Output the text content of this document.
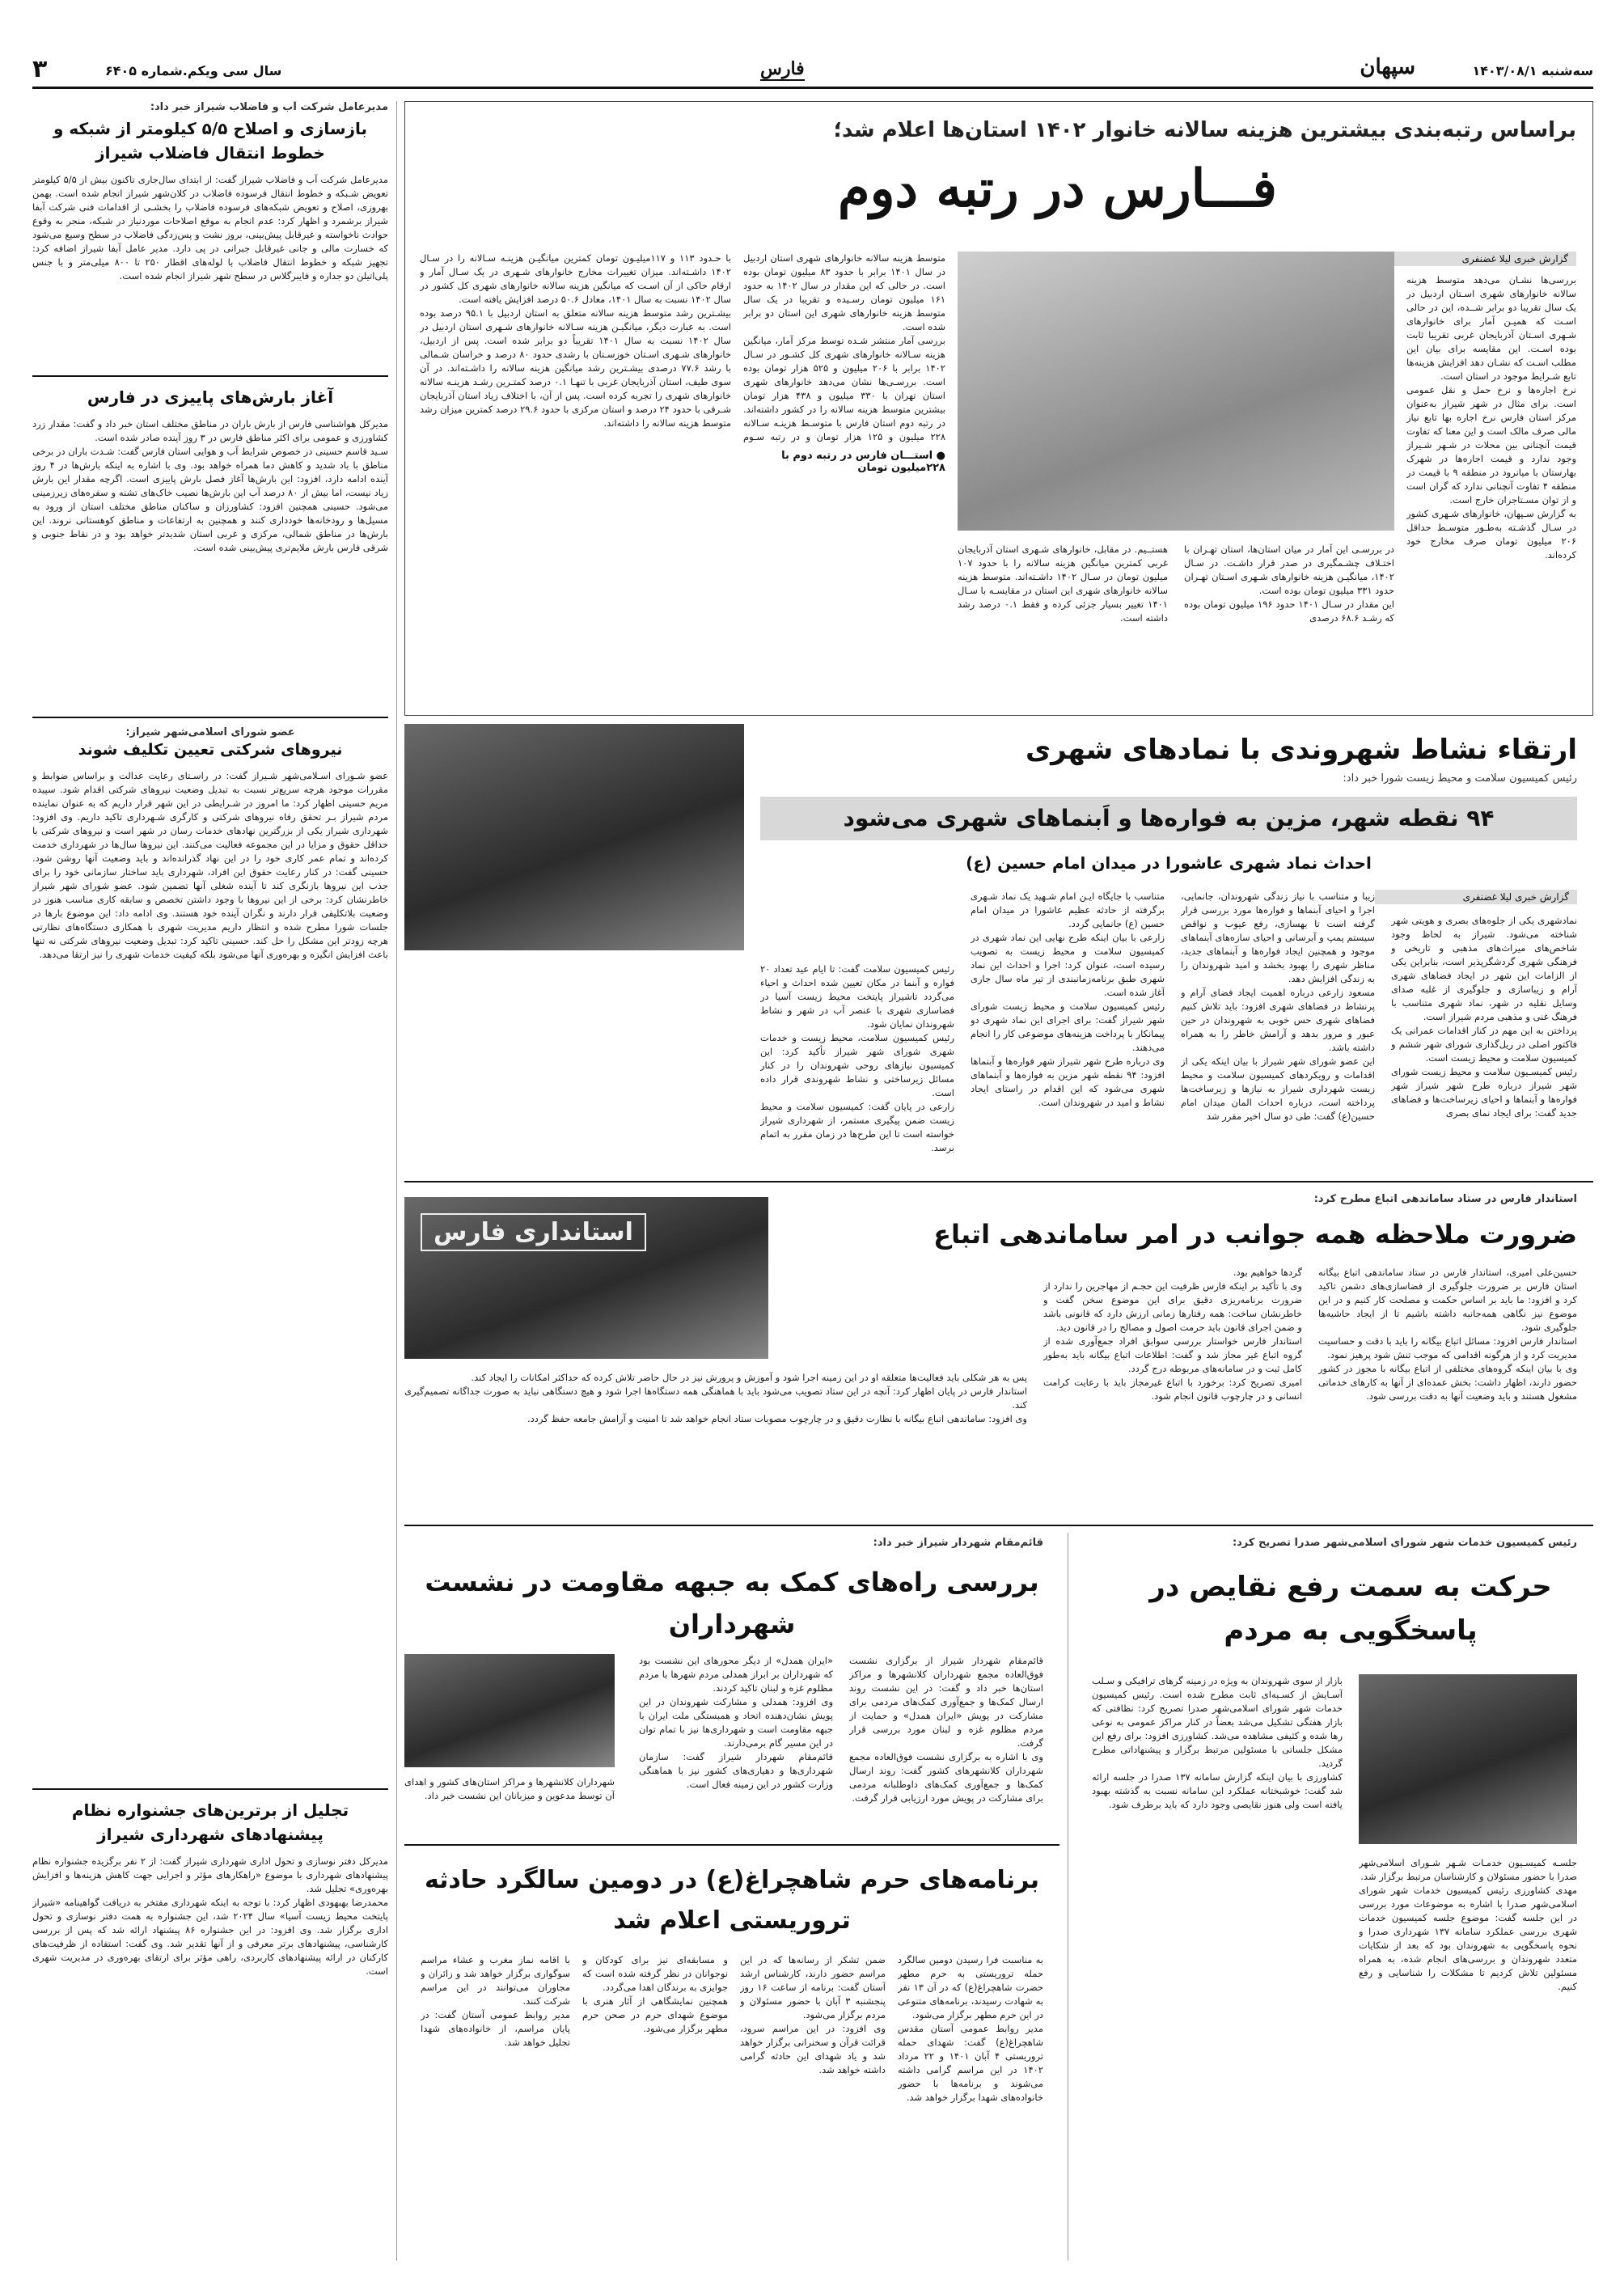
سه‌شنبه ۱۴۰۳/۰۸/۱
سپهان
فارس
سال سی ویکم.شماره ۶۴۰۵
۳
مدیرعامل شرکت آب و فاضلاب شیراز خبر داد:
بازسازی و اصلاح ۵/۵ کیلومتر از شبکه و خطوط انتقال فاضلاب شیراز

مدیرعامل شرکت آب و فاضلاب شیراز گفت: از ابتدای سال‌جاری تاکنون بیش از ۵/۵ کیلومتر تعویض شـبکه و خطوط انتقال فرسوده فاضلاب در کلان‌شهر شیراز انجام شده است. بهمن بهروزی، اصلاح و تعویض شبکه‌های فرسوده فاضلاب را بخشـی از اقدامات فنی شرکت آبفا شیراز برشمرد و اظهار کرد: عدم انجام به موقع اصلاحات موردنیاز در شبکه، منجر به وقوع حوادث ناخواسته و غیرقابل پیش‌بینی، بروز نشت و پس‌زدگی فاضلاب در سطح وسیع می‌شود که خسارت مالی و جانی غیرقابل جبرانی در پی دارد. مدیر عامل آبفا شیراز اضافه کرد: تجهیز شبکه و خطوط انتقال فاضلاب با لوله‌های اقطار ۲۵۰ تا ۸۰۰ میلی‌متر و با جنس پلی‌اتیلن دو جداره و فایبرگلاس در سطح شهر شیراز انجام شده است.

آغاز بارش‌های پاییزی در فارس

مدیرکل هواشناسی فارس از بارش باران در مناطق مختلف استان خبر داد و گفت: مقدار زرد کشاورزی و عمومی برای اکثر مناطق فارس در ۳ روز آینده صادر شده است.
سـید قاسم حسینی در خصوص شرایط آب و هوایی استان فارس گفت: شـدت باران در برخی مناطق با باد شدید و کاهش دما همراه خواهد بود. وی با اشاره به اینکه بارش‌ها در ۴ روز آینده ادامه دارد، افزود: این بارش‌ها آغاز فصل بارش پاییزی است. اگرچه مقدار این بارش زیاد نیست، اما بیش از ۸۰ درصد آب این بارش‌ها نصیب خاک‌های تشنه و سفره‌های زیرزمینی می‌شود. حسینی همچنین افزود: کشاورزان و ساکنان مناطق مختلف استان از ورود به مسیل‌ها و رودخانه‌ها خودداری کنند و همچنین به ارتفاعات و مناطق کوهستانی نروند. این بارش‌ها در مناطق شمالی، مرکزی و غربی استان شدیدتر خواهد بود و در نقاط جنوبی و شرقی فارس بارش ملایم‌تری پیش‌بینی شده است.

عضو شورای اسلامی‌شهر شیراز:
نیروهای شرکتی تعیین تکلیف شوند

عضو شـورای اسـلامی‌شهر شـیراز گفت: در راسـتای رعایت عدالت و براساس ضوابط و مقررات موجود هرچه سریع‌تر نسبت به تبدیل وضعیت نیروهای شرکتی اقدام شود. سپیده مریم حسینی اظهار کرد: ما امروز در شـرایطی در این شهر قرار داریم که به عنوان نماینده مردم شیراز بـر تحقق رفاه نیروهای شرکتی و کارگری شـهرداری تاکید داریم. وی افزود: شهرداری شیراز یکی از بزرگترین نهادهای خدمات رسان در شهر است و نیروهای شرکتی با حداقل حقوق و مزایا در این مجموعه فعالیت می‌کنند. این نیروها سال‌ها در شهرداری خدمت کرده‌اند و تمام عمر کاری خود را در این نهاد گذرانده‌اند و باید وضعیت آنها روشن شود. حسینی گفت: در کنار رعایت حقوق این افراد، شهرداری باید ساختار سازمانی خود را برای جذب این نیروها بازنگری کند تا آینده شغلی آنها تضمین شود. عضو شورای شهر شیراز خاطرنشان کرد: برخی از این نیروها با وجود داشتن تخصص و سابقه کاری مناسب هنوز در وضعیت بلاتکلیفی قرار دارند و نگران آینده خود هستند. وی ادامه داد: این موضوع بارها در جلسات شورا مطرح شده و انتظار داریم مدیریت شهری با همکاری دستگاه‌های نظارتی هرچه زودتر این مشکل را حل کند. حسینی تاکید کرد: تبدیل وضعیت نیروهای شرکتی نه تنها باعث افزایش انگیزه و بهره‌وری آنها می‌شود بلکه کیفیت خدمات شهری را نیز ارتقا می‌دهد.

تجلیل از برترین‌های جشنواره نظام پیشنهادهای شهرداری شیراز

مدیرکل دفتر نوسازی و تحول اداری شهرداری شیراز گفت: از ۲ نفر برگزیده جشنواره نظام پیشنهادهای شهرداری با موضوع «راهکارهای مؤثر و اجرایی جهت کاهش هزینه‌ها و افزایش بهره‌وری» تجلیل شد.
محمدرضا بهبهودی اظهار کرد: با توجه به اینکه شهرداری مفتخر به دریافت گواهینامه «شیراز پایتخت محیط زیست آسیا» سال ۲۰۲۴ شد، این جشنواره به همت دفتر نوسازی و تحول اداری برگزار شد. وی افزود: در این جشنواره ۸۶ پیشنهاد ارائه شد که پس از بررسی کارشناسی، پیشنهادهای برتر معرفی و از آنها تقدیر شد. وی گفت: استفاده از ظرفیت‌های کارکنان در ارائه پیشنهادهای کاربردی، راهی مؤثر برای ارتقای بهره‌وری در مدیریت شهری است.

براساس رتبه‌بندی بیشترین هزینه سالانه خانوار ۱۴۰۲ استان‌ها اعلام شد؛
فـــارس در رتبه دوم
گزارش خبری لیلا غضنفری

بررسی‌ها نشـان می‌دهد متوسط هزینه سالانه خانوارهای شهری اسـتان اردبیل در یک سال تقریبا دو برابر شــده، این در حالی اسـت که همیـن آمار برای خانوارهای شـهری اسـتان آذربایجان غربی تقریبا ثابت بوده اسـت. این مقایسه برای بیان این مطلب اسـت که نشـان دهد افزایش هزینه‌ها تابع شـرایط موجود در استان است.
نرخ اجاره‌ها و نرخ حمل و نقل عمومی است. برای مثال در شهر شیراز به‌عنوان مرکز استان فارس نرخ اجاره بها تابع نیاز مالی صرف مالک است و این معنا که تفاوت قیمت آنچنانی بین محلات در شـهر شـیراز وجود ندارد و قیمت اجاره‌ها در شهرک بهارستان با میانرود در منطقه ۹ با قیمت در منطقه ۴ تفاوت آنچنانی ندارد که گران است و از توان مسـتاجران خارج است.
به گزارش سـپهان، خانوارهای شـهری کشور در سـال گذشـته به‌طـور متوسـط حداقل ۲۰۶ میلیون تومان صرف مخارج خود کرده‌اند.

در بررسـی این آمار در میان استان‌ها، استان تهـران با اختـلاف چشـمگیری در صدر قرار داشـت. در سـال ۱۴۰۲، میانگیـن هزینه خانوارهای شـهری اسـتان تهـران حدود ۳۳۱ میلیون تومان بوده است.
این مقدار در سـال ۱۴۰۱ حدود ۱۹۶ میلیون تومان بوده که رشـد ۶۸.۶ درصدی

هستـ‍ـیم. در مقابل، خانوارهای شـهری استان آذربایجان غربی کمترین میانگین هزینه سالانه را با حدود ۱۰۷ میلیون تومان در سـال ۱۴۰۲ داشـته‌اند. متوسط هزینه سالانه خانوارهای شهری این استان در مقایسـه با سـال ۱۴۰۱ تغییر بسیار جزئی کرده و فقط ۰.۱ درصد رشد داشته است.

● استـــان فارس در رتبه دوم با ۲۲۸میلیون تومان

متوسط هزینه سالانه خانوارهای شهری استان اردبیل در سال ۱۴۰۱ برابر با حدود ۸۳ میلیون تومان بوده است. در حالی که این مقدار در سال ۱۴۰۲ به حدود ۱۶۱ میلیون تومان رسـیده و تقریبا در یک سال متوسط هزینه خانوارهای شهری این استان دو برابر شده است.
بررسی آمار منتشر شـده توسط مرکز آمار، میانگین هزینه سـالانه خانوارهای شهری کل کشـور در سـال ۱۴۰۲ برابر با ۲۰۶ میلیون و ۵۲۵ هزار تومان بوده است. بررسـی‌ها نشان می‌دهد خانوارهای شهری استان تهران با ۳۳۰ میلیون و ۴۳۸ هزار تومان بیشترین متوسط هزینه سالانه را در کشور داشته‌اند. در رتبه دوم استان فارس با متوسـط هزینـه سـالانه ۲۲۸ میلیون و ۱۲۵ هزار تومان و در رتبه سـوم

با حـدود ۱۱۳ و ۱۱۷میلیـون تومان کمترین میانگیـن هزینـه سـالانه را در سـال ۱۴۰۲ داشـته‌اند. میزان تغییرات مخارج خانوارهای شـهری در یک سـال آمار و ارقام حاکی از آن اسـت که میانگین هزینه سالانه خانوارهای شهری کل کشور در سال ۱۴۰۲ نسبت به سال ۱۴۰۱، معادل ۵۰.۶ درصد افزایش یافته است.
بیشـترین رشد متوسط هزینه سالانه متعلق به استان اردبیل با ۹۵.۱ درصد بوده است. به عبارت دیگر، میانگیـن هزینه سـالانه خانوارهای شـهری استان اردبیل در سال ۱۴۰۲ نسبت به سال ۱۴۰۱ تقریباً دو برابر شده است. پس از اردبیل، خانوارهای شـهری اسـتان خوزسـتان با رشدی حدود ۸۰ درصد و خراسان شـمالی با رشد ۷۷.۶ درصدی بیشـترین رشد میانگین هزینه سالانه را داشـته‌اند. در آن سوی طیف، استان آذربایجان غربی با تنهـا ۰.۱ درصد کمتـرین رشـد هزینـه سالانه خانوارهای شهری را تجربه کرده است. پس از آن، با اختلاف زیاد استان آذربایجان شـرقی با حدود ۲۴ درصد و استان مرکزی با حدود ۲۹.۶ درصد کمترین میزان رشد متوسط هزینه سالانه را داشته‌اند.

ارتقاء نشاط شهروندی با نمادهای شهری
رئیس کمیسیون سلامت و محیط زیست شورا خبر داد:
۹۴ نقطه شهر، مزین به فواره‌ها و اَبنماهای شهری می‌شود
احداث نماد شهری عاشورا در میدان امام حسین (ع)
گزارش خبری لیلا غضنفری

نمادشهری یکی از جلوه‌های بصری و هویتی شهر شناخته می‌شود. شیراز به لحاظ وجود شاخص‌های میراث‌های مذهبی و تاریخی و فرهنگی شهری گردشگرپذیر است، بنابراین یکی از الزامات این شهر در ایجاد فضاهای شهری آرام و زیباسازی و جلوگیری از غلبه صدای وسایل نقلیه در شهر، نماد شهری متناسب با فرهنگ غنی و مذهبی مردم شیراز است.
پرداختن به این مهم در کنار اقدامات عمرانی یک فاکتور اصلی در ریل‌گذاری شورای شهر ششم و کمیسیون سلامت و محیط زیست است.
رئیس کمیسـیون سلامت و محیط زیست شورای شهر شیراز درباره طرح شهر شیراز شهر فواره‌ها و آبنماها و احیای زیرساخت‌ها و فضاهای جدید گفت: برای ایجاد نمای بصری

زیبا و متناسب با نیاز زندگی شهروندان، جانمایی، اجرا و احیای آبنماها و فواره‌ها مورد بررسی قرار گرفته است تا بهسازی، رفع عیوب و نواقص سیستم پمپ و آبرسانی و احیای سازه‌های آبنماهای موجود و همچنین ایجاد فواره‌ها و آبنماهای جدید، مناظر شهری را بهبود بخشد و امید شهروندان را به زندگی افزایش دهد.
مسعود زارعی درباره اهمیت ایجاد فضای آرام و پرنشاط در فضاهای شهری افزود: باید تلاش کنیم فضاهای شهری حس خوبی به شهروندان در حین عبور و مرور بدهد و آرامش خاطر را به همراه داشته باشد.
این عضو شورای شهر شیراز با بیان اینکه یکی از اقدامات و رویکردهای کمیسیون سلامت و محیط زیست شهرداری شیراز به نیازها و زیرساخت‌ها پرداخته است، درباره احداث المان میدان امام حسین(ع) گفت: طی دو سال اخیر مقرر شد

متناسب با جایگاه ایـن امام شـهید یک نماد شـهری برگرفته از حادثه عظیم عاشورا در میدان امام حسین (ع) جانمایی گردد.
زارعی با بیان اینکه طرح نهایی این نماد شهری در کمیسیون سلامت و محیط زیست به تصویب رسیده است، عنوان کرد: اجرا و احداث این نماد شهری طبق برنامه‌زمانبندی از تیر ماه سال جاری آغاز شده است.
رئیس کمیسیون سلامت و محیط زیست شورای شهر شیراز گفت: برای اجرای این نماد شهری دو پیمانکار با پرداخت هزینه‌های موضوعی کار را انجام می‌دهند.
وی درباره طرح شهر شیراز شهر فواره‌ها و آبنماها افزود: ۹۴ نقطه شهر مزین به فواره‌ها و آبنماهای شهری می‌شود که این اقدام در راستای ایجاد نشاط و امید در شهروندان است.

رئیس کمیسیون سلامت گفت: تا ایام عید تعداد ۲۰ فواره و آبنما در مکان تعیین شده احداث و احیاء می‌گردد تاشیراز پایتخت محیط زیست آسیا در فضاسازی شهری با عنصر آب در شهر و نشاط شهروندان نمایان شود.
رئیس کمیسیون سلامت، محیط زیست و خدمات شهری شورای شهر شیراز تأکید کرد: این کمیسیون نیازهای روحی شهروندان را در کنار مسائل زیرساختی و نشاط شهروندی قرار داده است.
زارعی در پایان گفت: کمیسیون سلامت و محیط زیست ضمن پیگیری مستمر، از شهرداری شیراز خواسته است تا این طرح‌ها در زمان مقرر به اتمام برسد.

استاندار فارس در ستاد ساماندهی اتباع مطرح کرد:
ضرورت ملاحظه همه جوانب در امر ساماندهی اتباع
استانداری فارس

حسین‌علی امیری، استاندار فارس در ستاد ساماندهی اتباع بیگانه استان فارس بر ضرورت جلوگیری از فضاسازی‌های دشمن تاکید کرد و افزود: ما باید بر اساس حکمت و مصلحت کار کنیم و در این موضوع نیز نگاهی همه‌جانبه داشته باشیم تا از ایجاد حاشیه‌ها جلوگیری شود.
استاندار فارس افزود: مسائل اتباع بیگانه را باید با دقت و حساسیت مدیریت کرد و از هرگونه اقدامی که موجب تنش شود پرهیز نمود.
وی با بیان اینکه گروه‌های مختلفی از اتباع بیگانه با مجوز در کشور حضور دارند، اظهار داشت: بخش عمده‌ای از آنها به کارهای خدماتی مشغول هستند و باید وضعیت آنها به دقت بررسی شود.

گردها خواهیم بود.
وی با تأکید بر اینکه فارس ظرفیت این حجـم از مهاجرین را ندارد از ضرورت برنامه‌ریزی دقیق برای این موضوع سخن گفت و خاطرنشان ساخت: همه رفتارها زمانی ارزش دارد که قانونی باشد و ضمن اجرای قانون باید حرمت اصول و مصالح را در قانون دید.
استاندار فارس خواستار بررسی سوابق افراد جمع‌آوری شده از گروه اتباع غیر مجاز شد و گفت: اطلاعات اتباع بیگانه باید به‌طور کامل ثبت و در سامانه‌های مربوطه درج گردد.
امیری تصریح کرد: برخورد با اتباع غیرمجاز باید با رعایت کرامت انسانی و در چارچوب قانون انجام شود.

پس به هر شکلی باید فعالیت‌ها متعلقه او در این زمینه اجرا شود و آموزش و پرورش نیز در حال حاضر تلاش کرده که حداکثر امکانات را ایجاد کند.
استاندار فارس در پایان اظهار کرد: آنچه در این ستاد تصویب می‌شود باید با هماهنگی همه دستگاه‌ها اجرا شود و هیچ دستگاهی نباید به صورت جداگانه تصمیم‌گیری کند.
وی افزود: ساماندهی اتباع بیگانه با نظارت دقیق و در چارچوب مصوبات ستاد انجام خواهد شد تا امنیت و آرامش جامعه حفظ گردد.

رئیس کمیسیون خدمات شهر شورای اسلامی‌شهر صدرا تصریح کرد:
حرکت به سمت رفع نقایص در پاسخگویی به مردم

جلسـه کمیسـیون خدمـات شـهر شـورای اسلامی‌شهر صدرا با حضور مسئولان و کارشناسان مرتبط برگزار شد.
مهدی کشاورزی رئیس کمیسیون خدمات شهر شورای اسلامی‌شهر صدرا با اشاره به موضوعات مورد بررسی در این جلسه گفت: موضوع جلسه کمیسیون خدمات شهری بررسی عملکرد سامانه ۱۳۷ شهرداری صدرا و نحوه پاسخگویی به شهروندان بود که بعد از شکایات متعدد شهروندان و بررسی‌های انجام شده، به همراه مسئولین تلاش کردیم تا مشکلات را شناسایی و رفع کنیم.

بازار از سوی شهروندان به ویژه در زمینه گرهای ترافیکی و سـلب آسـایش از کسـبه‌ای ثابت مطرح شده است. رئیس کمیسیون خدمات شهر شورای اسلامی‌شهر صدرا تصریح کرد: نظافتی که بازار هفتگی تشکیل می‌شد بعضاً در کنار مراکز عمومی به نوعی رها شده و کثیفی مشاهده می‌شد. کشاورزی افزود: برای رفع این مشکل جلساتی با مسئولین مرتبط برگزار و پیشنهاداتی مطرح گردید.
کشاورزی با بیان اینکه گزارش سامانه ۱۳۷ صدرا در جلسه ارائه شد گفت: خوشبختانه عملکرد این سامانه نسبت به گذشته بهبود یافته است ولی هنوز نقایصی وجود دارد که باید برطرف شود.

قائم‌مقام شهردار شیراز خبر داد:
بررسی راه‌های کمک به جبهه مقاومت در نشست شهرداران

قائم‌مقام شهردار شیراز از برگزاری نشست فوق‌العاده مجمع شهرداران کلانشهرها و مراکز استان‌ها خبر داد و گفت: در این نشست روند ارسال کمک‌ها و جمع‌آوری کمک‌های مردمی برای مشارکت در پویش «ایران همدل» و حمایت از مردم مظلوم غزه و لبنان مورد بررسی قرار گرفت.
وی با اشاره به برگزاری نشست فوق‌العاده مجمع شهرداران کلانشهرهای کشور گفت: روند ارسال کمک‌ها و جمع‌آوری کمک‌های داوطلبانه مردمی برای مشارکت در پویش مورد ارزیابی قرار گرفت.

«ایران همدل» از دیگر محورهای این نشست بود که شهرداران بر ابراز همدلی مردم شهرها با مردم مظلوم غزه و لبنان تاکید کردند.
وی افزود: همدلی و مشارکت شهروندان در این پویش نشان‌دهنده اتحاد و همبستگی ملت ایران با جبهه مقاومت است و شهرداری‌ها نیز با تمام توان در این مسیر گام برمی‌دارند.
قائم‌مقام شهردار شیراز گفت: سازمان شهرداری‌ها و دهیاری‌های کشور نیز با هماهنگی وزارت کشور در این زمینه فعال است.

شهرداران کلانشهرها و مراکز استان‌های کشور و اهدای آن توسط مدعوین و میزبانان این نشست خبر داد.

برنامه‌های حرم شاهچراغ(ع) در دومین سالگرد حادثه تروریستی اعلام شد

به مناسبت فرا رسیدن دومین سالگرد حمله تروریستی به حرم مطهر حضرت شاهچراغ(ع) که در آن ۱۳ نفر به شهادت رسیدند، برنامه‌های متنوعی در این حرم مطهر برگزار می‌شود.
مدیر روابط عمومی آستان مقدس شاهچراغ(ع) گفت: شهدای حمله تروریستی ۴ آبان ۱۴۰۱ و ۲۲ مرداد ۱۴۰۲ در این مراسم گرامی داشته می‌شوند و برنامه‌ها با حضور خانواده‌های شهدا برگزار خواهد شد.

ضمن تشکر از رسانه‌ها که در این مراسم حضور دارند، کارشناس ارشد آستان گفت: برنامه از ساعت ۱۶ روز پنجشنبه ۳ آبان با حضور مسئولان و مردم برگزار می‌شود.
وی افزود: در این مراسم سرود، قرائت قرآن و سخنرانی برگزار خواهد شد و یاد شهدای این حادثه گرامی داشته خواهد شد.

و مسابقه‌ای نیز برای کودکان و نوجوانان در نظر گرفته شده است که جوایزی به برندگان اهدا می‌گردد.
همچنین نمایشگاهی از آثار هنری با موضوع شهدای حرم در صحن حرم مطهر برگزار می‌شود.

با اقامه نماز مغرب و عشاء مراسم سوگواری برگزار خواهد شد و زائران و مجاوران می‌توانند در این مراسم شرکت کنند.
مدیر روابط عمومی آستان گفت: در پایان مراسم، از خانواده‌های شهدا تجلیل خواهد شد.
